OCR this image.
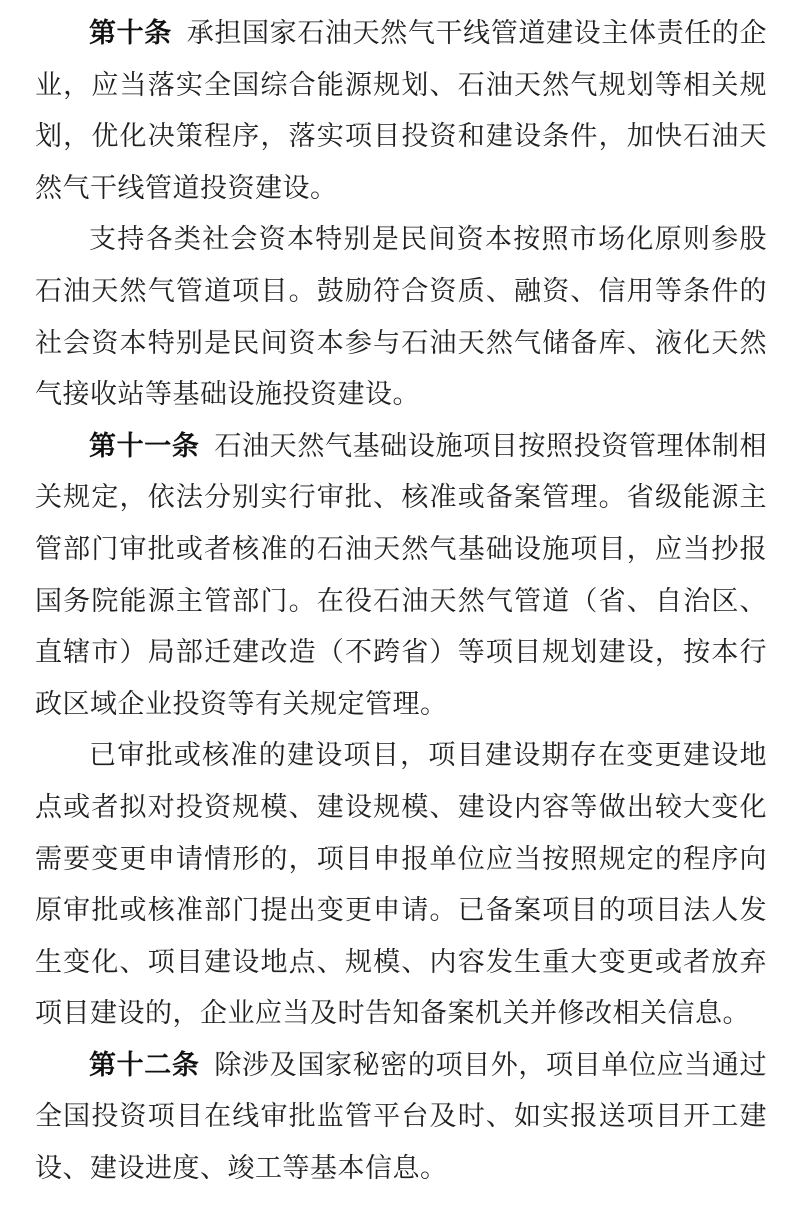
第十条 承担国家石油天然气干线管道建设主体责任的企业，应当落实全国综合能源规划、石油天然气规划等相关规划，优化决策程序，落实项目投资和建设条件，加快石油天然气干线管道投资建设。

支持各类社会资本特别是民间资本按照市场化原则参股石油天然气管道项目。鼓励符合资质、融资、信用等条件的社会资本特别是民间资本参与石油天然气储备库、液化天然气接收站等基础设施投资建设。

第十一条 石油天然气基础设施项目按照投资管理体制相关规定，依法分别实行审批、核准或备案管理。省级能源主管部门审批或者核准的石油天然气基础设施项目，应当抄报国务院能源主管部门。在役石油天然气管道（省、自治区、直辖市）局部迁建改造（不跨省）等项目规划建设，按本行政区域企业投资等有关规定管理。

已审批或核准的建设项目，项目建设期存在变更建设地点或者拟对投资规模、建设规模、建设内容等做出较大变化需要变更申请情形的，项目申报单位应当按照规定的程序向原审批或核准部门提出变更申请。已备案项目的项目法人发生变化、项目建设地点、规模、内容发生重大变更或者放弃项目建设的，企业应当及时告知备案机关并修改相关信息。

第十二条 除涉及国家秘密的项目外，项目单位应当通过全国投资项目在线审批监管平台及时、如实报送项目开工建设、建设进度、竣工等基本信息。
